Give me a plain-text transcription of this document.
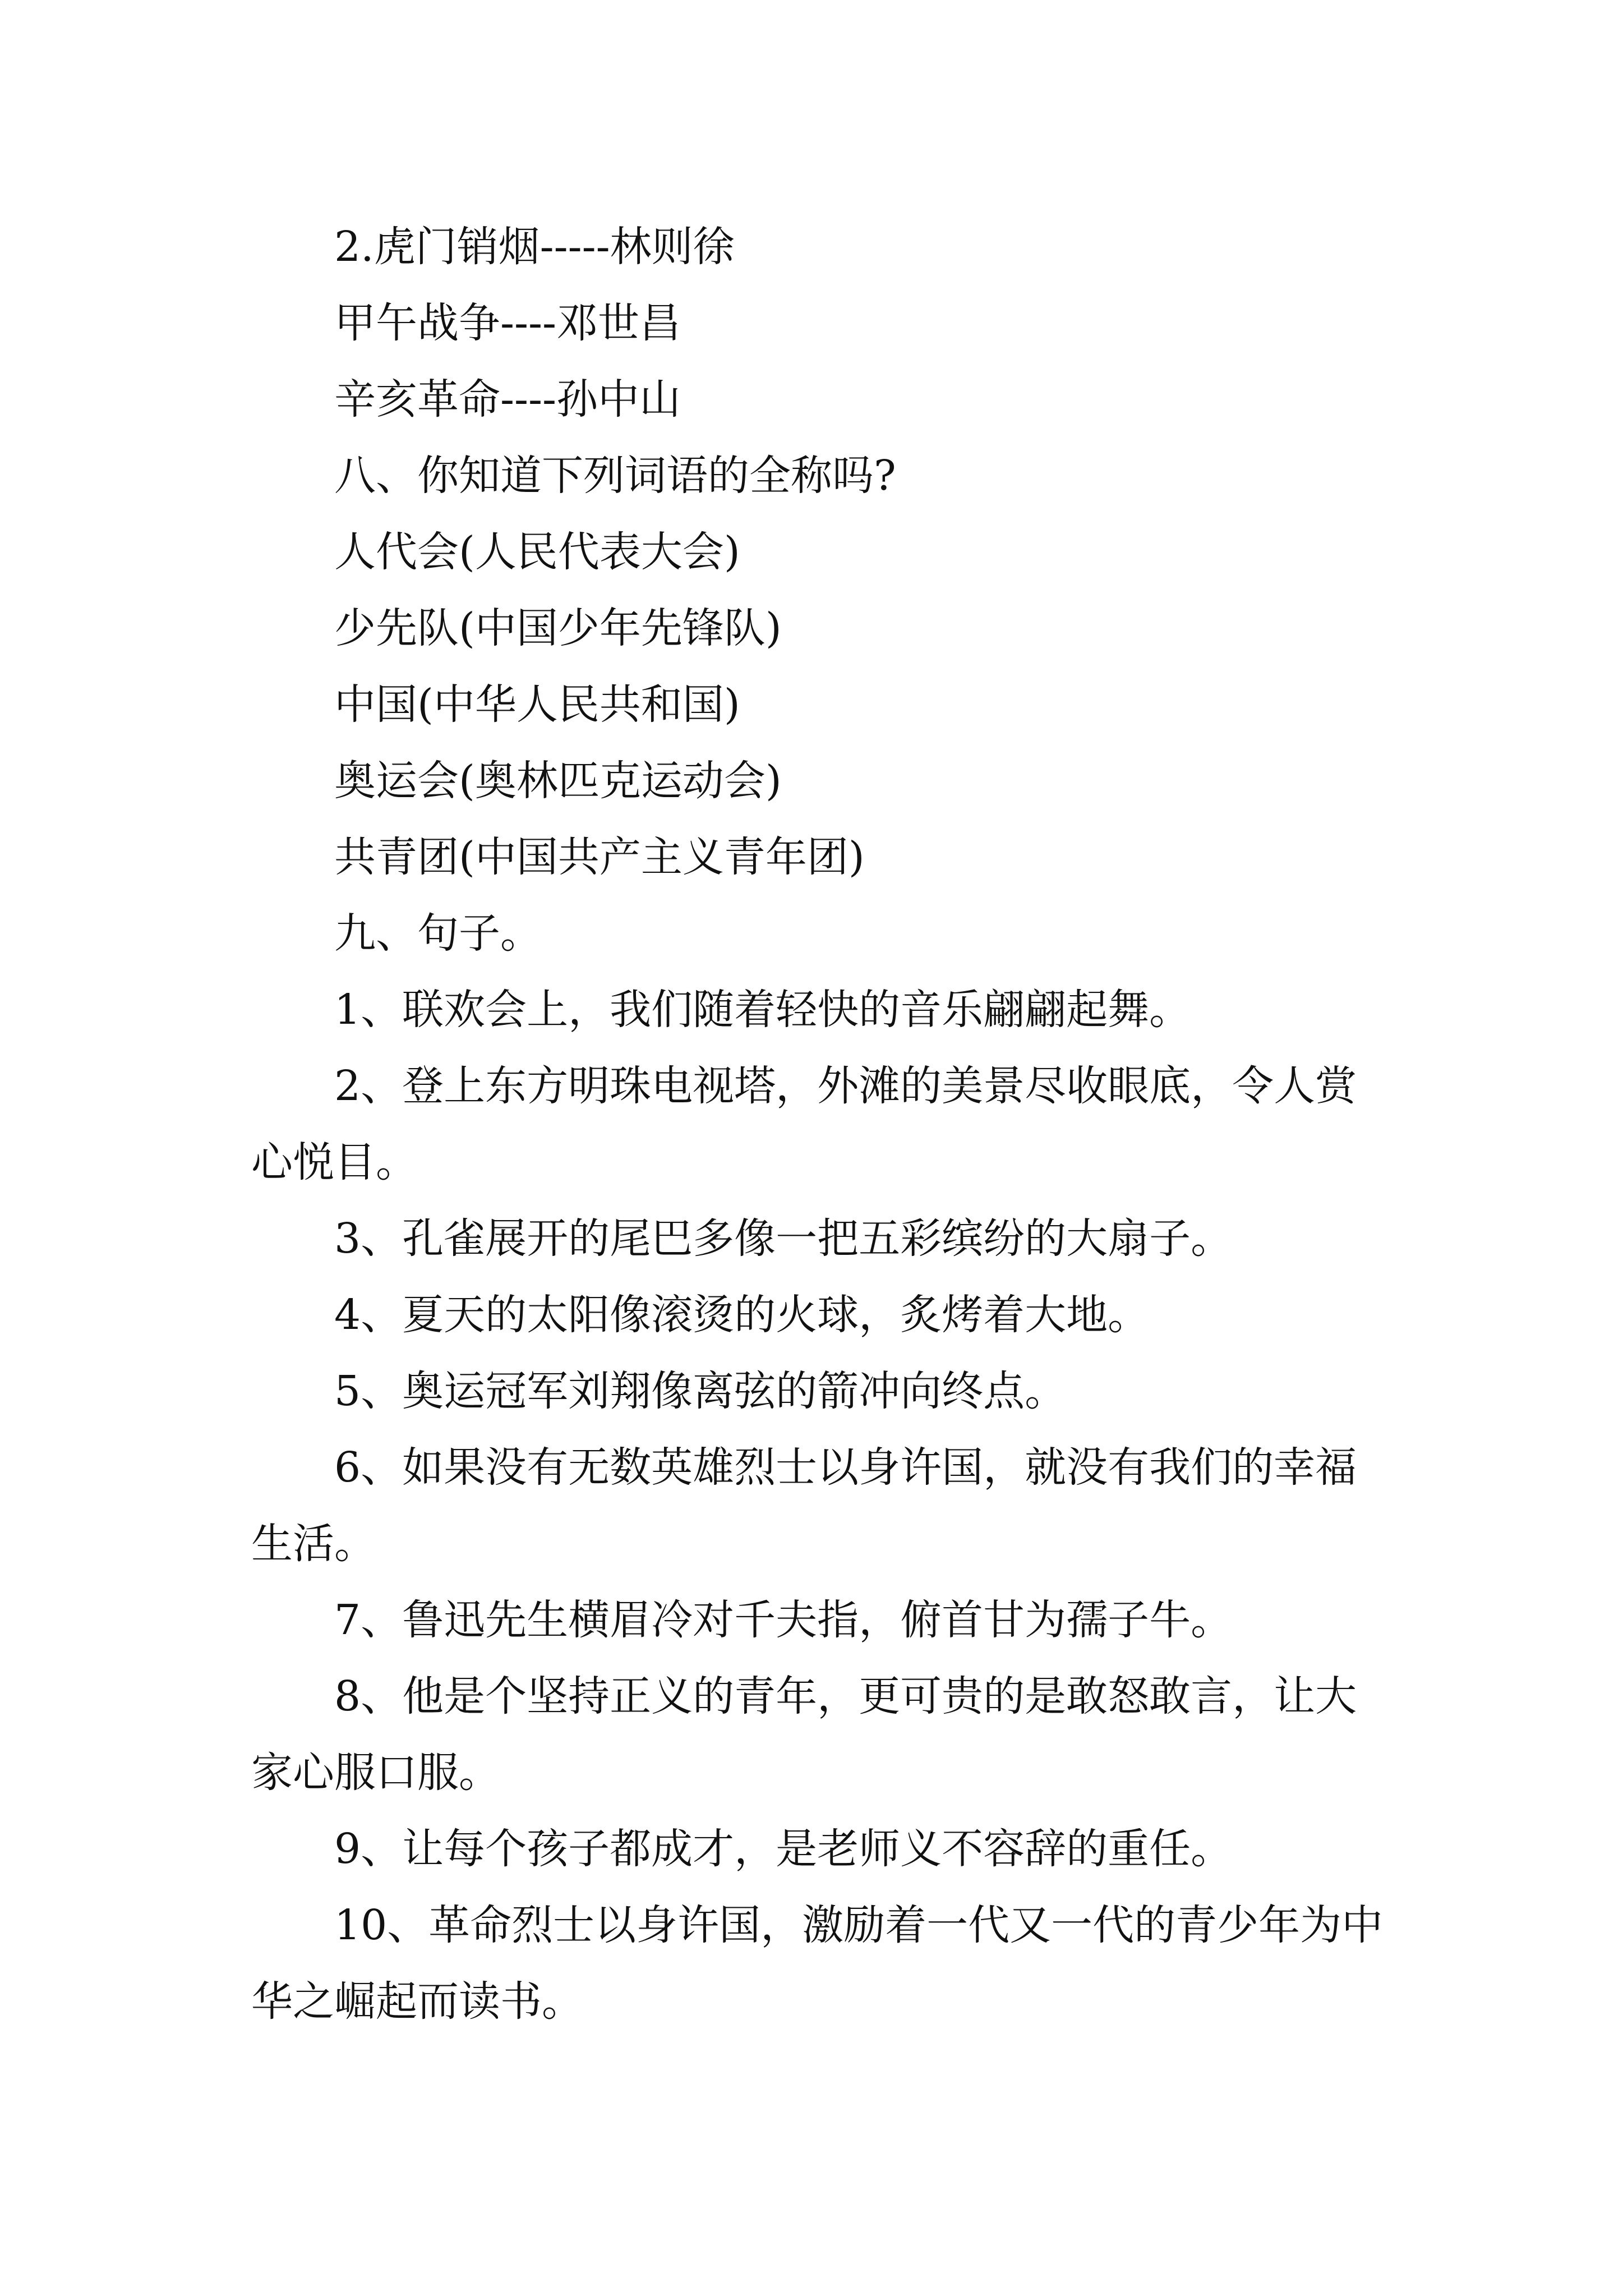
2.虎门销烟-----林则徐

甲午战争----邓世昌

辛亥革命----孙中山

八、你知道下列词语的全称吗?

人代会(人民代表大会)

少先队(中国少年先锋队)

中国(中华人民共和国)

奥运会(奥林匹克运动会)

共青团(中国共产主义青年团)

九、句子。

1、联欢会上，我们随着轻快的音乐翩翩起舞。

2、登上东方明珠电视塔，外滩的美景尽收眼底，令人赏心悦目。

3、孔雀展开的尾巴多像一把五彩缤纷的大扇子。

4、夏天的太阳像滚烫的火球，炙烤着大地。

5、奥运冠军刘翔像离弦的箭冲向终点。

6、如果没有无数英雄烈士以身许国，就没有我们的幸福生活。

7、鲁迅先生横眉冷对千夫指，俯首甘为孺子牛。

8、他是个坚持正义的青年，更可贵的是敢怒敢言，让大家心服口服。

9、让每个孩子都成才，是老师义不容辞的重任。

10、革命烈士以身许国，激励着一代又一代的青少年为中华之崛起而读书。
